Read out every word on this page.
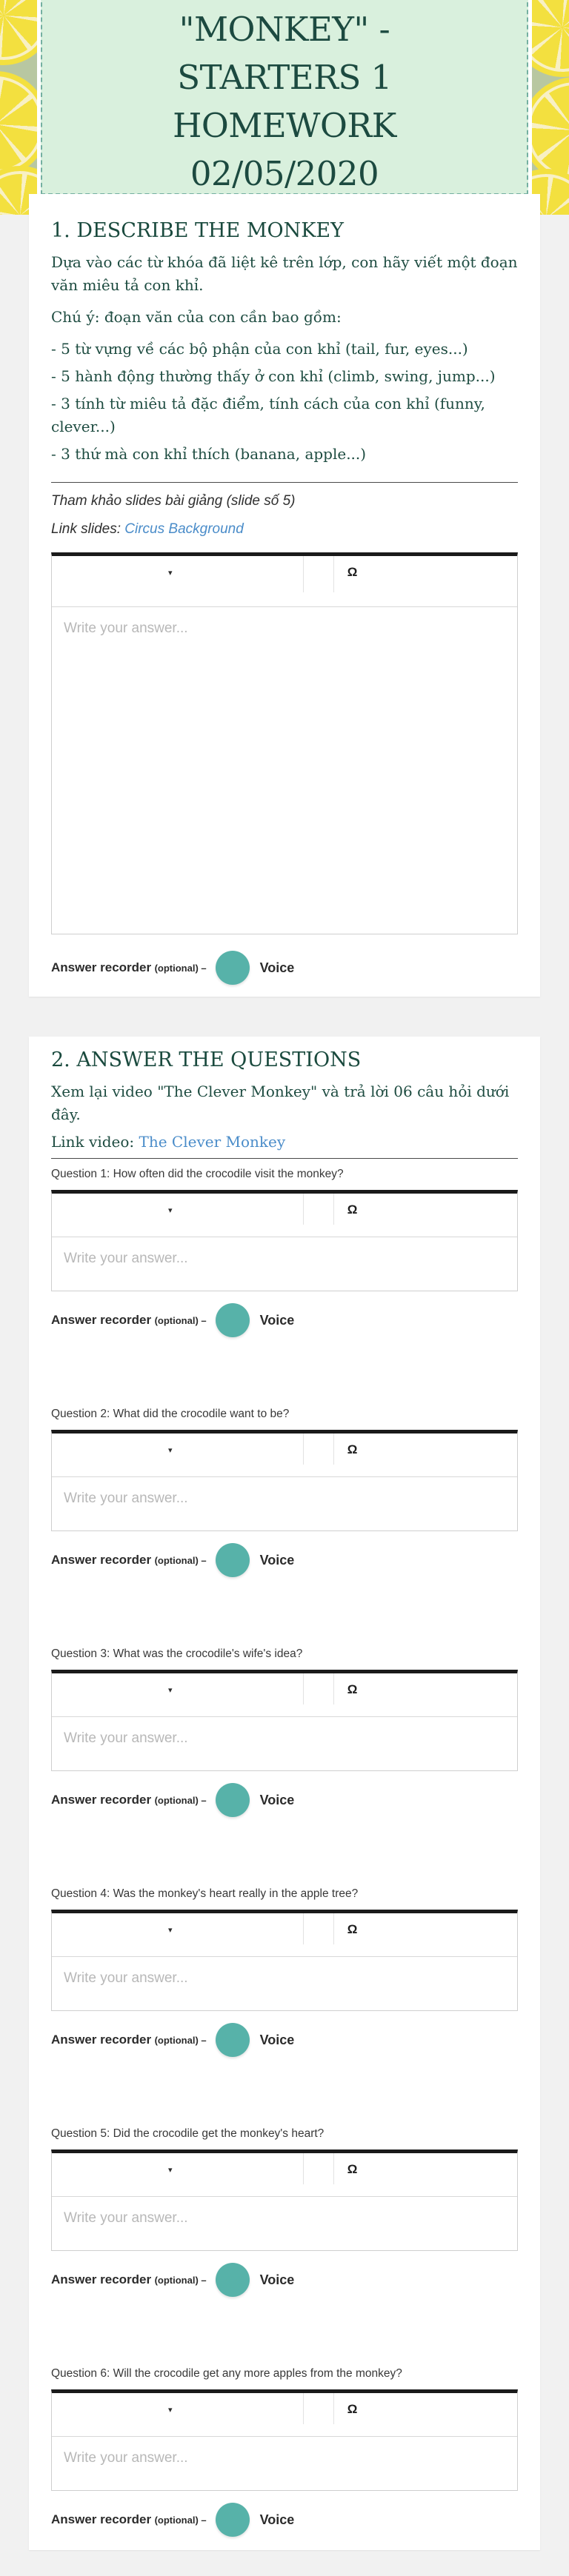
"MONKEY" -
STARTERS 1
HOMEWORK
02/05/2020
1. DESCRIBE THE MONKEY

Dựa vào các từ khóa đã liệt kê trên lớp, con hãy viết một đoạn văn miêu tả con khỉ.

Chú ý: đoạn văn của con cần bao gồm:

- 5 từ vựng về các bộ phận của con khỉ (tail, fur, eyes...)

- 5 hành động thường thấy ở con khỉ (climb, swing, jump...)

- 3 tính từ miêu tả đặc điểm, tính cách của con khỉ (funny, clever...)

- 3 thứ mà con khỉ thích (banana, apple...)

Tham khảo slides bài giảng (slide số 5)

Link slides: Circus Background

▾	Ω
Write your answer...
Answer recorder
(optional) –	Voice
2. ANSWER THE QUESTIONS

Xem lại video "The Clever Monkey" và trả lời 06 câu hỏi dưới đây.

Link video: The Clever Monkey

Question 1: How often did the crocodile visit the monkey?
▾	Ω
Write your answer...
Answer recorder
(optional) –	Voice
Question 2: What did the crocodile want to be?
▾	Ω
Write your answer...
Answer recorder
(optional) –	Voice
Question 3: What was the crocodile's wife's idea?
▾	Ω
Write your answer...
Answer recorder
(optional) –	Voice
Question 4: Was the monkey's heart really in the apple tree?
▾	Ω
Write your answer...
Answer recorder
(optional) –	Voice
Question 5: Did the crocodile get the monkey's heart?
▾	Ω
Write your answer...
Answer recorder
(optional) –	Voice
Question 6: Will the crocodile get any more apples from the monkey?
▾	Ω
Write your answer...
Answer recorder
(optional) –	Voice
